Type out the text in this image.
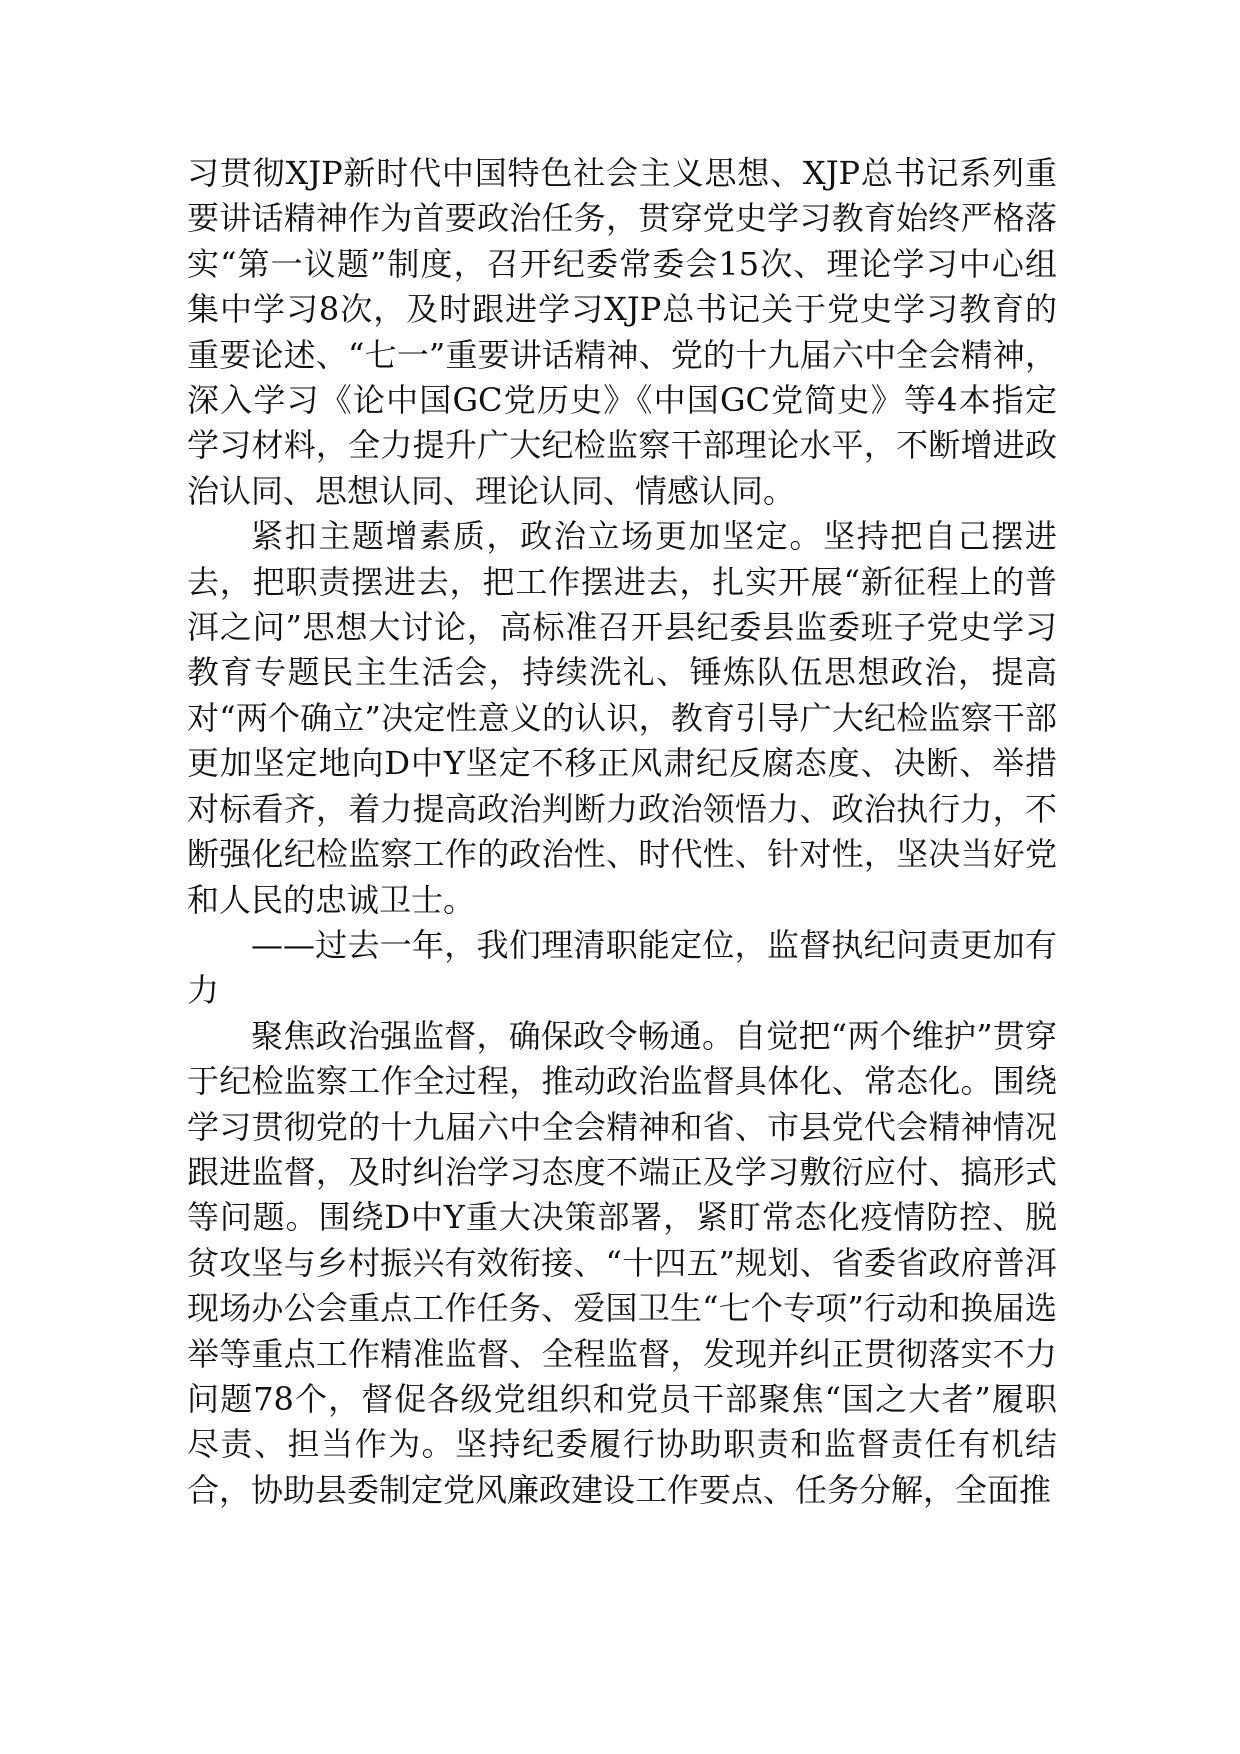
习贯彻XJP新时代中国特色社会主义思想、XJP总书记系列重要讲话精神作为首要政治任务，贯穿党史学习教育始终严格落实“第一议题”制度，召开纪委常委会15次、理论学习中心组集中学习8次，及时跟进学习XJP总书记关于党史学习教育的重要论述、“七一”重要讲话精神、党的十九届六中全会精神，深入学习《论中国GC党历史》《中国GC党简史》等4本指定学习材料，全力提升广大纪检监察干部理论水平，不断增进政治认同、思想认同、理论认同、情感认同。

紧扣主题增素质，政治立场更加坚定。坚持把自己摆进去，把职责摆进去，把工作摆进去，扎实开展“新征程上的普洱之问”思想大讨论，高标准召开县纪委县监委班子党史学习教育专题民主生活会，持续洗礼、锤炼队伍思想政治，提高对“两个确立”决定性意义的认识，教育引导广大纪检监察干部更加坚定地向D中Y坚定不移正风肃纪反腐态度、决断、举措对标看齐，着力提高政治判断力政治领悟力、政治执行力，不断强化纪检监察工作的政治性、时代性、针对性，坚决当好党和人民的忠诚卫士。

——过去一年，我们理清职能定位，监督执纪问责更加有力

聚焦政治强监督，确保政令畅通。自觉把“两个维护”贯穿于纪检监察工作全过程，推动政治监督具体化、常态化。围绕学习贯彻党的十九届六中全会精神和省、市县党代会精神情况跟进监督，及时纠治学习态度不端正及学习敷衍应付、搞形式等问题。围绕D中Y重大决策部署，紧盯常态化疫情防控、脱贫攻坚与乡村振兴有效衔接、“十四五”规划、省委省政府普洱现场办公会重点工作任务、爱国卫生“七个专项”行动和换届选举等重点工作精准监督、全程监督，发现并纠正贯彻落实不力问题78个，督促各级党组织和党员干部聚焦“国之大者”履职尽责、担当作为。坚持纪委履行协助职责和监督责任有机结合，协助县委制定党风廉政建设工作要点、任务分解，全面推
